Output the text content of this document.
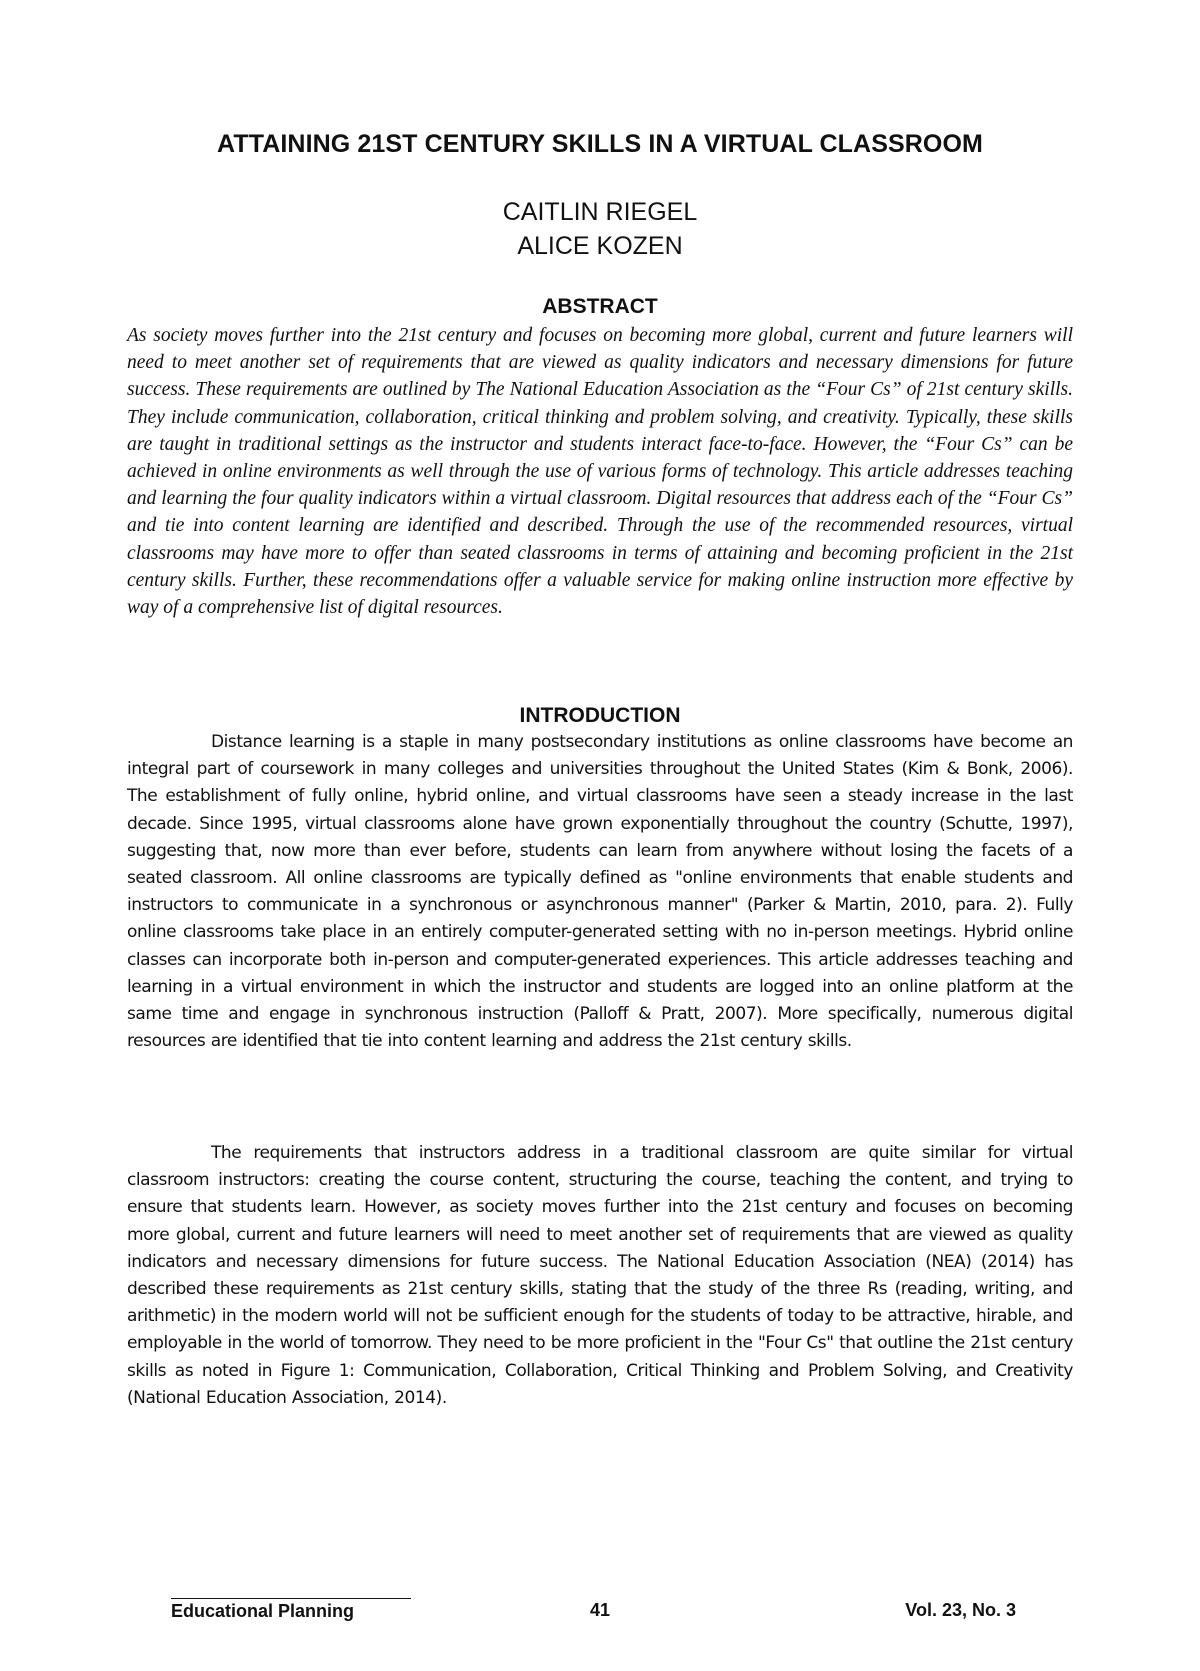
ATTAINING 21ST CENTURY SKILLS IN A VIRTUAL CLASSROOM
CAITLIN RIEGEL
ALICE KOZEN
ABSTRACT

As society moves further into the 21st century and focuses on becoming more global, current and future learners will need to meet another set of requirements that are viewed as quality indicators and necessary dimensions for future success. These requirements are outlined by The National Education Association as the “Four Cs” of 21st century skills. They include communication, collaboration, critical thinking and problem solving, and creativity. Typically, these skills are taught in traditional settings as the instructor and students interact face-to-face. However, the “Four Cs” can be achieved in online environments as well through the use of various forms of technology. This article addresses teaching and learning the four quality indicators within a virtual classroom. Digital resources that address each of the “Four Cs” and tie into content learning are identified and described. Through the use of the recommended resources, virtual classrooms may have more to offer than seated classrooms in terms of attaining and becoming proficient in the 21st century skills. Further, these recommendations offer a valuable service for making online instruction more effective by way of a comprehensive list of digital resources.

INTRODUCTION

Distance learning is a staple in many postsecondary institutions as online classrooms have become an integral part of coursework in many colleges and universities throughout the United States (Kim & Bonk, 2006). The establishment of fully online, hybrid online, and virtual classrooms have seen a steady increase in the last decade. Since 1995, virtual classrooms alone have grown exponentially throughout the country (Schutte, 1997), suggesting that, now more than ever before, students can learn from anywhere without losing the facets of a seated classroom. All online classrooms are typically defined as "online environments that enable students and instructors to communicate in a synchronous or asynchronous manner" (Parker & Martin, 2010, para. 2). Fully online classrooms take place in an entirely computer-generated setting with no in-person meetings. Hybrid online classes can incorporate both in-person and computer-generated experiences. This article addresses teaching and learning in a virtual environment in which the instructor and students are logged into an online platform at the same time and engage in synchronous instruction (Palloff & Pratt, 2007). More specifically, numerous digital resources are identified that tie into content learning and address the 21st century skills.

The requirements that instructors address in a traditional classroom are quite similar for virtual classroom instructors: creating the course content, structuring the course, teaching the content, and trying to ensure that students learn. However, as society moves further into the 21st century and focuses on becoming more global, current and future learners will need to meet another set of requirements that are viewed as quality indicators and necessary dimensions for future success. The National Education Association (NEA) (2014) has described these requirements as 21st century skills, stating that the study of the three Rs (reading, writing, and arithmetic) in the modern world will not be sufficient enough for the students of today to be attractive, hirable, and employable in the world of tomorrow. They need to be more proficient in the "Four Cs" that outline the 21st century skills as noted in Figure 1: Communication, Collaboration, Critical Thinking and Problem Solving, and Creativity (National Education Association, 2014).

Educational Planning	41	Vol. 23, No. 3
